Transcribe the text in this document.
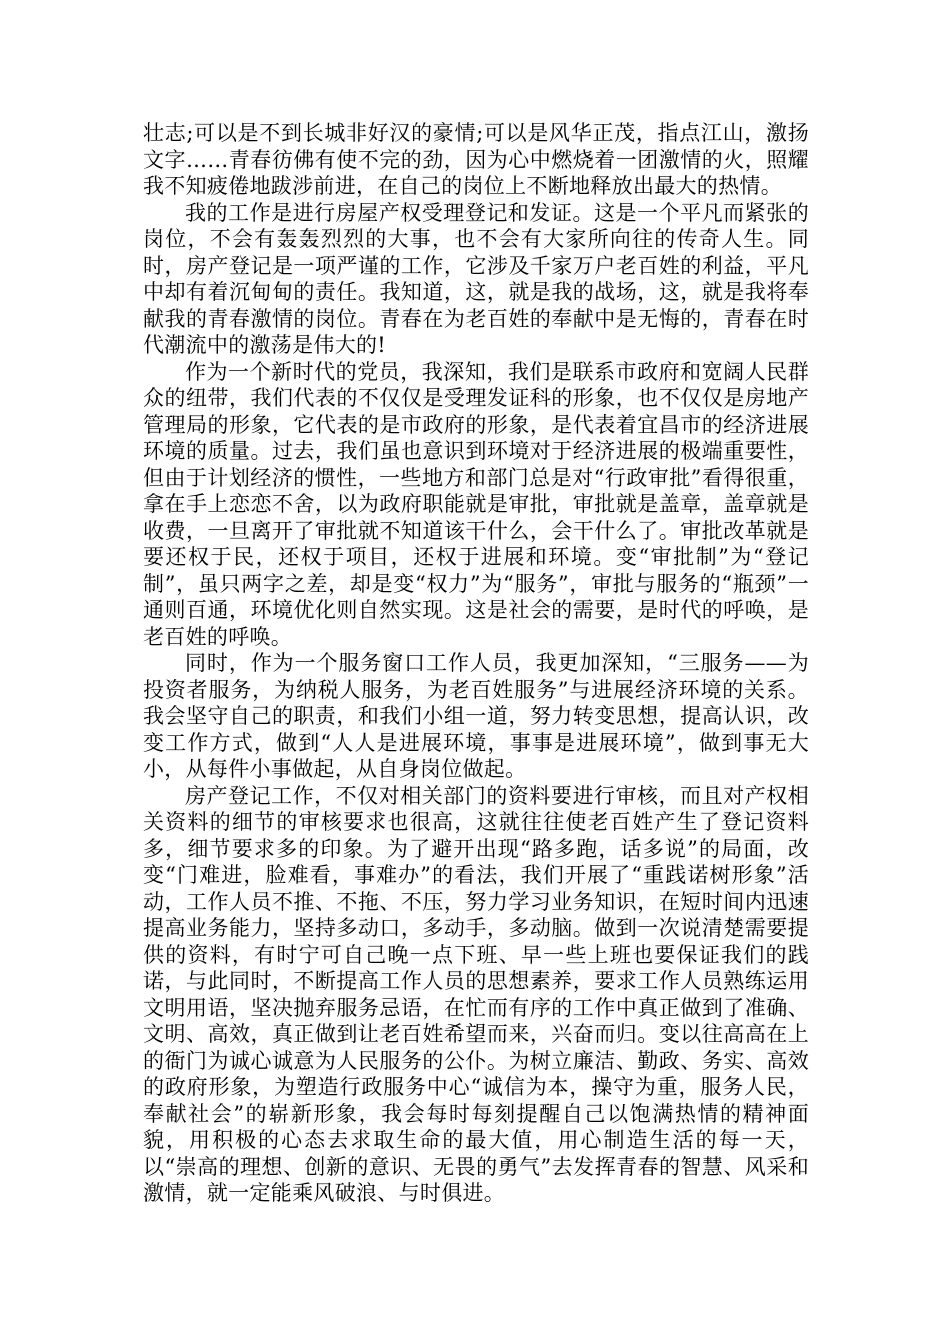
壮志;可以是不到长城非好汉的豪情;可以是风华正茂，指点江山，激扬文字……青春彷佛有使不完的劲，因为心中燃烧着一团激情的火，照耀我不知疲倦地跋涉前进，在自己的岗位上不断地释放出最大的热情。

我的工作是进行房屋产权受理登记和发证。这是一个平凡而紧张的岗位，不会有轰轰烈烈的大事，也不会有大家所向往的传奇人生。同时，房产登记是一项严谨的工作，它涉及千家万户老百姓的利益，平凡中却有着沉甸甸的责任。我知道，这，就是我的战场，这，就是我将奉献我的青春激情的岗位。青春在为老百姓的奉献中是无悔的，青春在时代潮流中的激荡是伟大的!

作为一个新时代的党员，我深知，我们是联系市政府和宽阔人民群众的纽带，我们代表的不仅仅是受理发证科的形象，也不仅仅是房地产管理局的形象，它代表的是市政府的形象，是代表着宜昌市的经济进展环境的质量。过去，我们虽也意识到环境对于经济进展的极端重要性，但由于计划经济的惯性，一些地方和部门总是对“行政审批”看得很重，拿在手上恋恋不舍，以为政府职能就是审批，审批就是盖章，盖章就是收费，一旦离开了审批就不知道该干什么，会干什么了。审批改革就是要还权于民，还权于项目，还权于进展和环境。变“审批制”为“登记制”，虽只两字之差，却是变“权力”为“服务”，审批与服务的“瓶颈”一通则百通，环境优化则自然实现。这是社会的需要，是时代的呼唤，是老百姓的呼唤。

同时，作为一个服务窗口工作人员，我更加深知，“三服务——为投资者服务，为纳税人服务，为老百姓服务”与进展经济环境的关系。我会坚守自己的职责，和我们小组一道，努力转变思想，提高认识，改变工作方式，做到“人人是进展环境，事事是进展环境”，做到事无大小，从每件小事做起，从自身岗位做起。

房产登记工作，不仅对相关部门的资料要进行审核，而且对产权相关资料的细节的审核要求也很高，这就往往使老百姓产生了登记资料多，细节要求多的印象。为了避开出现“路多跑，话多说”的局面，改变“门难进，脸难看，事难办”的看法，我们开展了“重践诺树形象”活动，工作人员不推、不拖、不压，努力学习业务知识，在短时间内迅速提高业务能力，坚持多动口，多动手，多动脑。做到一次说清楚需要提供的资料，有时宁可自己晚一点下班、早一些上班也要保证我们的践诺，与此同时，不断提高工作人员的思想素养，要求工作人员熟练运用文明用语，坚决抛弃服务忌语，在忙而有序的工作中真正做到了准确、文明、高效，真正做到让老百姓希望而来，兴奋而归。变以往高高在上的衙门为诚心诚意为人民服务的公仆。为树立廉洁、勤政、务实、高效的政府形象，为塑造行政服务中心“诚信为本，操守为重，服务人民，奉献社会”的崭新形象，我会每时每刻提醒自己以饱满热情的精神面貌，用积极的心态去求取生命的最大值，用心制造生活的每一天，以“崇高的理想、创新的意识、无畏的勇气”去发挥青春的智慧、风采和激情，就一定能乘风破浪、与时俱进。
